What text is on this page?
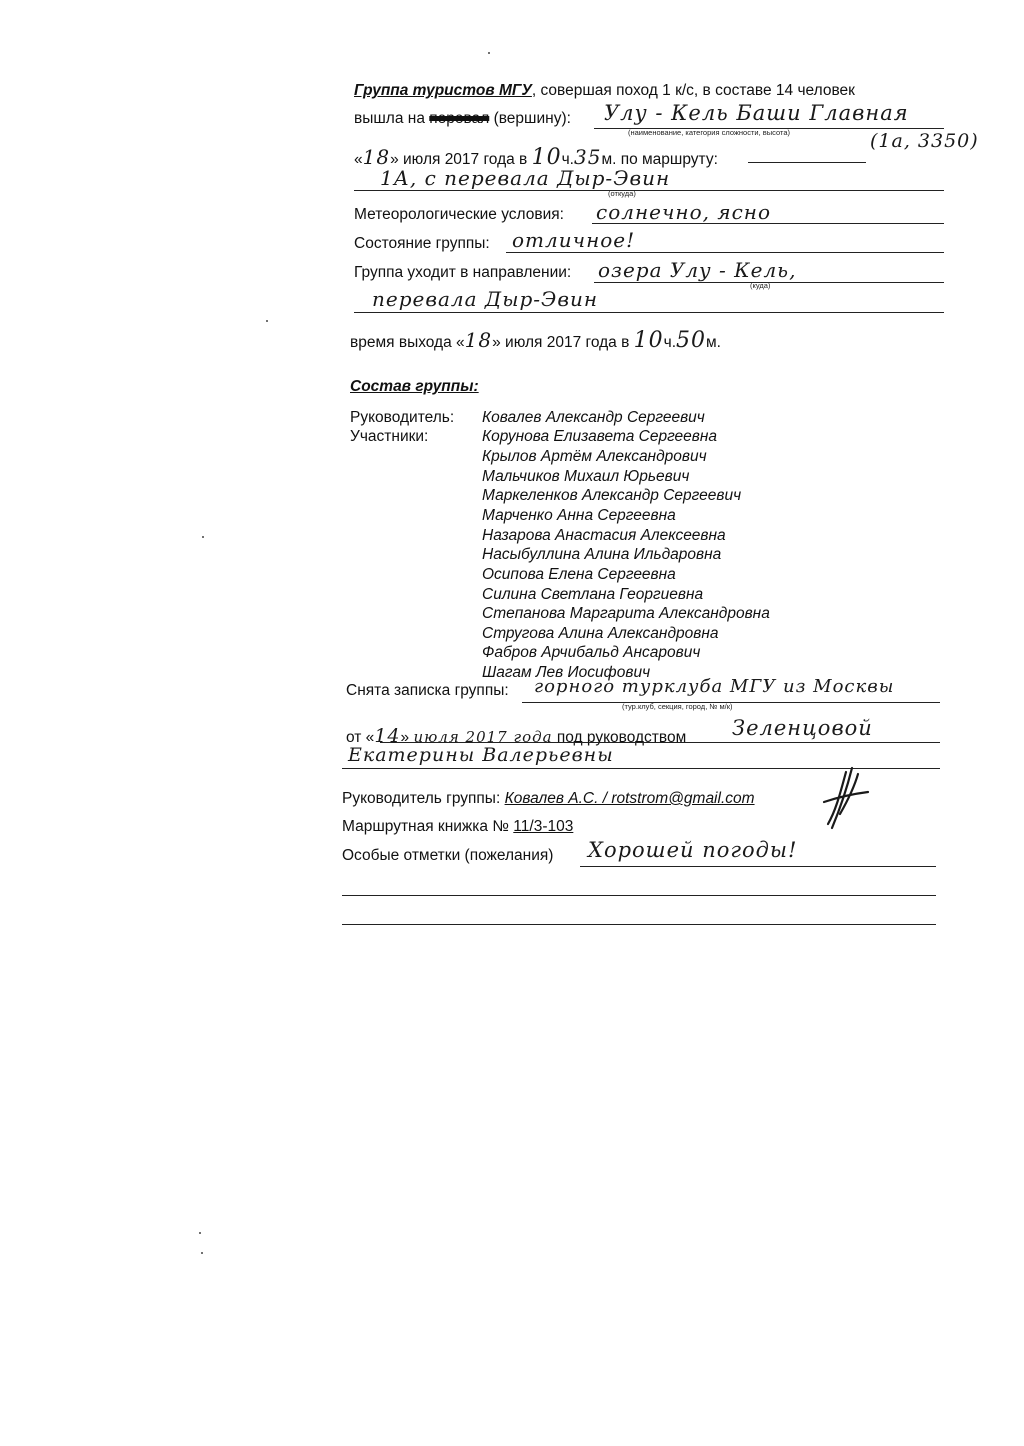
Группа туристов МГУ, совершая поход 1 к/с, в составе 14 человек
вышла на перевал (вершину): Улу - Кель Баши Главная
(наименование, категория сложности, высота)	(1а, 3350)
«18» июля 2017 года в 10ч.35м. по маршруту:
1А, с перевала Дыр-Эвин
(откуда)
Метеорологические условия: солнечно, ясно
Состояние группы: отличное!
Группа уходит в направлении: озера Улу - Кель,
(куда)
перевала Дыр-Эвин
время выхода «18» июля 2017 года в 10ч.50м.
Состав группы:
Руководитель: Ковалев Александр Сергеевич
Участники:	Корунова Елизавета Сергеевна
Крылов Артём Александрович
Мальчиков Михаил Юрьевич
Маркеленков Александр Сергеевич
Марченко Анна Сергеевна
Назарова Анастасия Алексеевна
Насыбуллина Алина Ильдаровна
Осипова Елена Сергеевна
Силина Светлана Георгиевна
Степанова Маргарита Александровна
Стругова Алина Александровна
Фабров Арчибальд Ансарович
Шагам Лев Иосифович
Снята записка группы: горного турклуба МГУ из Москвы
(тур.клуб, секция, город, № м/к)
от «14» июля 2017 года под руководством Зеленцовой
Екатерины Валерьевны
Руководитель группы: Ковалев А.С. / rotstrom@gmail.com
Маршрутная книжка № 11/3-103
Особые отметки (пожелания) Хорошей погоды!
